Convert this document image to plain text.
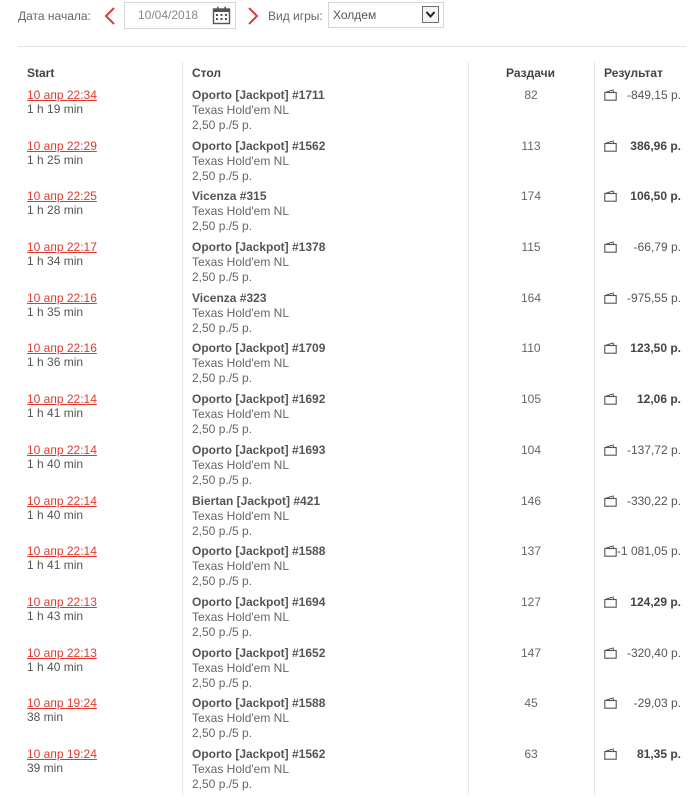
Дата начала:	10/04/2018	Вид игры: Холдем
Start	Стол	Раздачи	Результат
10 апр 22:34
1 h 19 min
Oporto [Jackpot] #1711
Texas Hold'em NL
2,50 р./5 р.
82	-849,15 р.
10 апр 22:29
1 h 25 min
Oporto [Jackpot] #1562
Texas Hold'em NL
2,50 р./5 р.
113	386,96 р.
10 апр 22:25
1 h 28 min
Vicenza #315
Texas Hold'em NL
2,50 р./5 р.
174	106,50 р.
10 апр 22:17
1 h 34 min
Oporto [Jackpot] #1378
Texas Hold'em NL
2,50 р./5 р.
115	-66,79 р.
10 апр 22:16
1 h 35 min
Vicenza #323
Texas Hold'em NL
2,50 р./5 р.
164	-975,55 р.
10 апр 22:16
1 h 36 min
Oporto [Jackpot] #1709
Texas Hold'em NL
2,50 р./5 р.
110	123,50 р.
10 апр 22:14
1 h 41 min
Oporto [Jackpot] #1692
Texas Hold'em NL
2,50 р./5 р.
105	12,06 р.
10 апр 22:14
1 h 40 min
Oporto [Jackpot] #1693
Texas Hold'em NL
2,50 р./5 р.
104	-137,72 р.
10 апр 22:14
1 h 40 min
Biertan [Jackpot] #421
Texas Hold'em NL
2,50 р./5 р.
146	-330,22 р.
10 апр 22:14
1 h 41 min
Oporto [Jackpot] #1588
Texas Hold'em NL
2,50 р./5 р.
137	-1 081,05 р.
10 апр 22:13
1 h 43 min
Oporto [Jackpot] #1694
Texas Hold'em NL
2,50 р./5 р.
127	124,29 р.
10 апр 22:13
1 h 40 min
Oporto [Jackpot] #1652
Texas Hold'em NL
2,50 р./5 р.
147	-320,40 р.
10 апр 19:24
38 min
Oporto [Jackpot] #1588
Texas Hold'em NL
2,50 р./5 р.
45	-29,03 р.
10 апр 19:24
39 min
Oporto [Jackpot] #1562
Texas Hold'em NL
2,50 р./5 р.
63	81,35 р.
